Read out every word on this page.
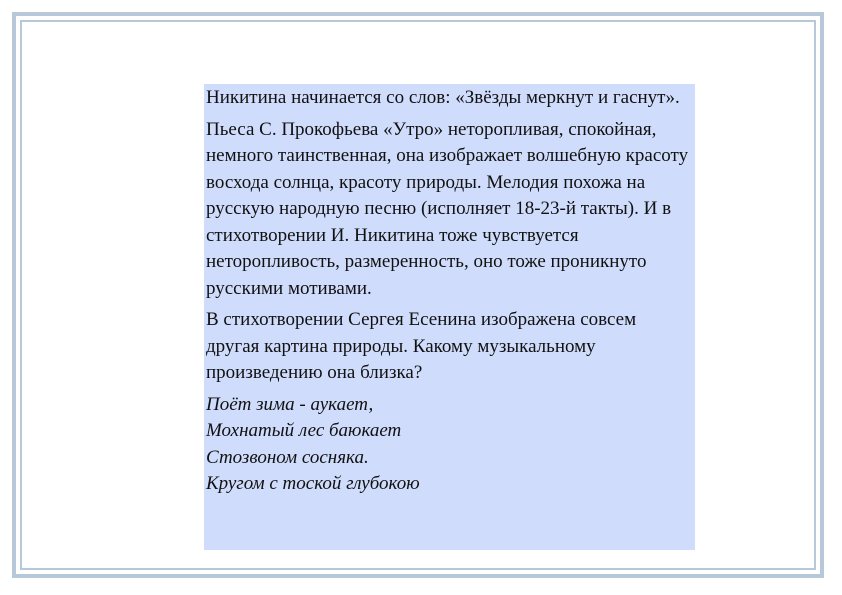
Никитина начинается со слов: «Звёзды меркнут и гаснут».

Пьеса С. Прокофьева «Утро» неторопливая, спокойная, немного таинственная, она изображает волшебную красоту восхода солнца, красоту природы. Мелодия похожа на русскую народную песню (исполняет 18-23-й такты). И в стихотворении И. Никитина тоже чувствуется неторопливость, размеренность, оно тоже проникнуто русскими мотивами.

В стихотворении Сергея Есенина изображена совсем другая картина природы. Какому музыкальному произведению она близка?

Поёт зима - аукает,
Мохнатый лес баюкает
Стозвоном сосняка.
Кругом с тоской глубокою
